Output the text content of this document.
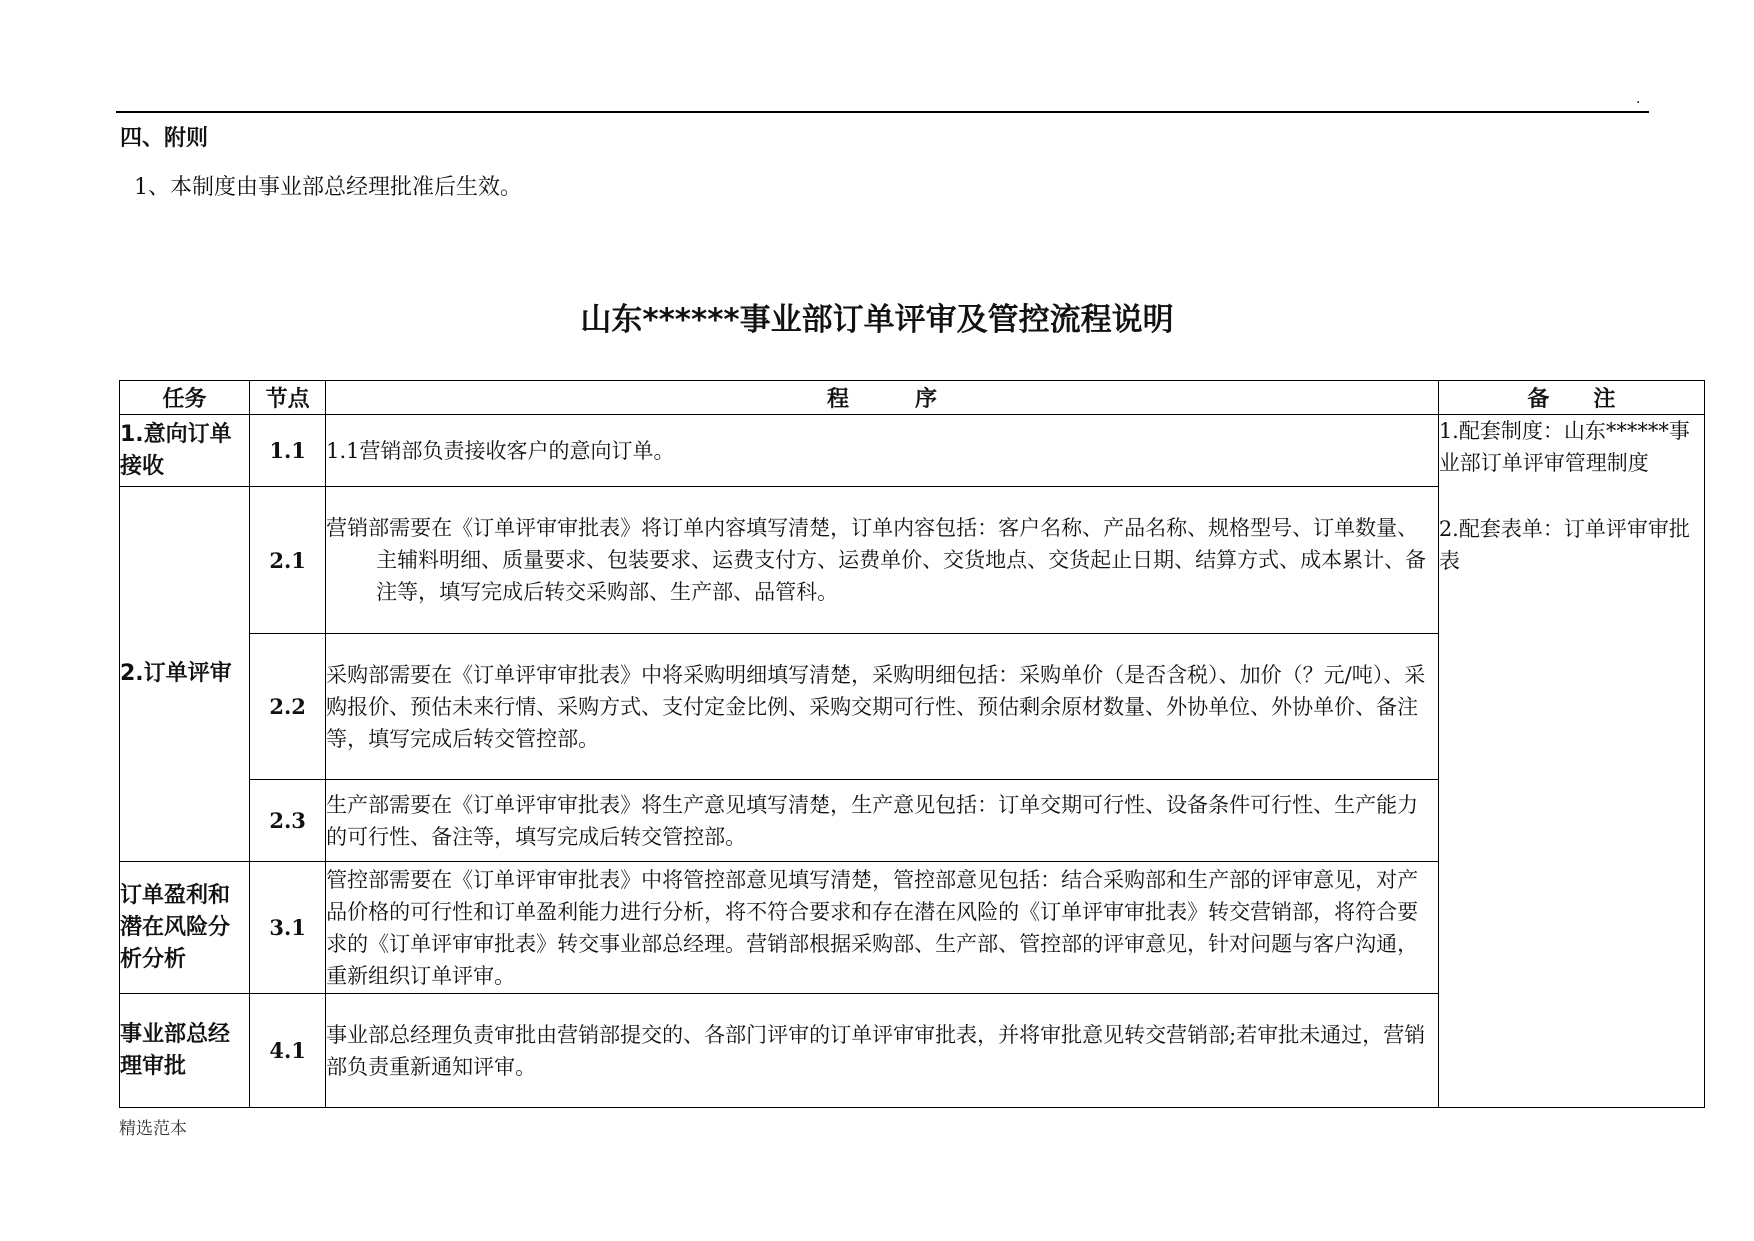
.
四、附则
1、本制度由事业部总经理批准后生效。
山东******事业部订单评审及管控流程说明
任务	节点	程　　　序	备　　注
1.意向订单接收	1.1	1.1营销部负责接收客户的意向订单。	1.配套制度：山东******事业部订单评审管理制度
2.配套表单：订单评审审批表

2.订单评审	2.1	营销部需要在《订单评审审批表》将订单内容填写清楚，订单内容包括：客户名称、产品名称、规格型号、订单数量、主辅料明细、质量要求、包装要求、运费支付方、运费单价、交货地点、交货起止日期、结算方式、成本累计、备注等，填写完成后转交采购部、生产部、品管科。	

	2.2	采购部需要在《订单评审审批表》中将采购明细填写清楚，采购明细包括：采购单价（是否含税）、加价（？元/吨）、采购报价、预估未来行情、采购方式、支付定金比例、采购交期可行性、预估剩余原材数量、外协单位、外协单价、备注等，填写完成后转交管控部。	
	2.3	生产部需要在《订单评审审批表》将生产意见填写清楚，生产意见包括：订单交期可行性、设备条件可行性、生产能力的可行性、备注等，填写完成后转交管控部。	
订单盈利和潜在风险分析分析	3.1	管控部需要在《订单评审审批表》中将管控部意见填写清楚，管控部意见包括：结合采购部和生产部的评审意见，对产品价格的可行性和订单盈利能力进行分析，将不符合要求和存在潜在风险的《订单评审审批表》转交营销部，将符合要求的《订单评审审批表》转交事业部总经理。营销部根据采购部、生产部、管控部的评审意见，针对问题与客户沟通，重新组织订单评审。	
事业部总经理审批	4.1	事业部总经理负责审批由营销部提交的、各部门评审的订单评审审批表，并将审批意见转交营销部;若审批未通过，营销部负责重新通知评审。	
精选范本
